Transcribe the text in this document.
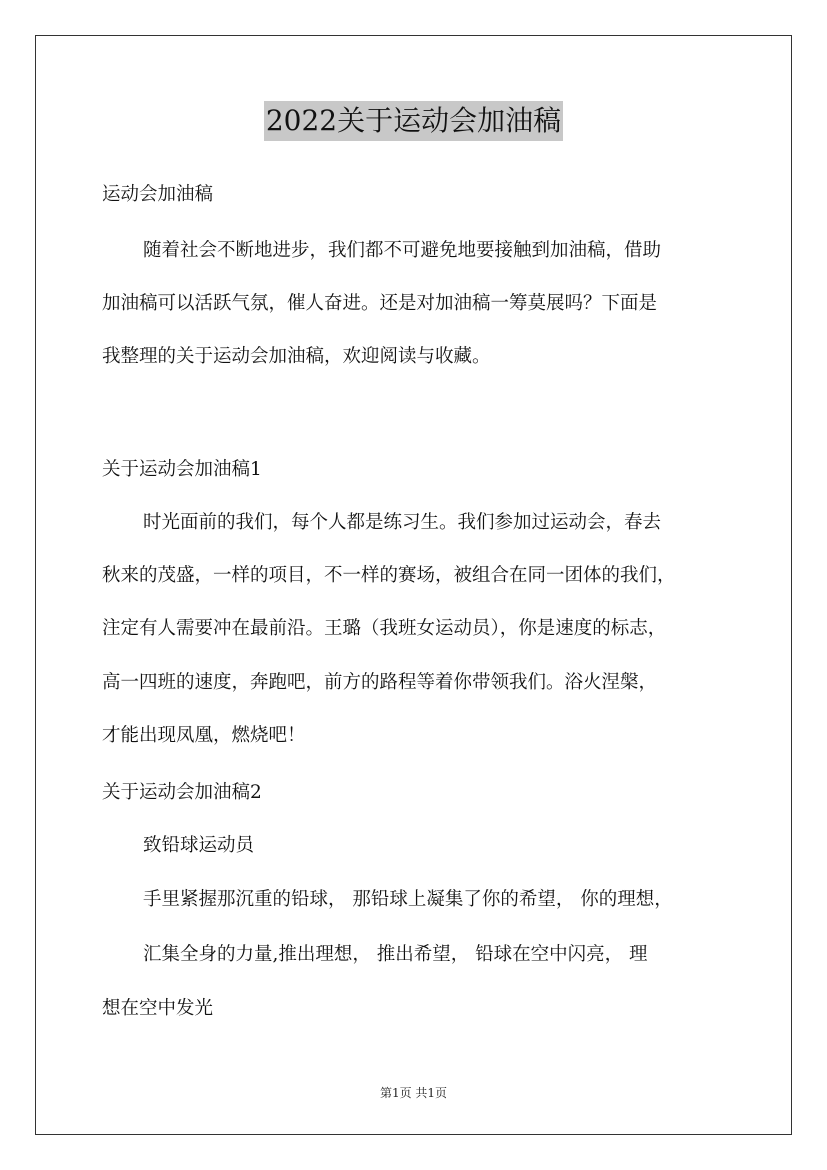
2022关于运动会加油稿
运动会加油稿
随着社会不断地进步，我们都不可避免地要接触到加油稿，借助
加油稿可以活跃气氛，催人奋进。还是对加油稿一筹莫展吗？下面是
我整理的关于运动会加油稿，欢迎阅读与收藏。
关于运动会加油稿1
时光面前的我们，每个人都是练习生。我们参加过运动会，春去
秋来的茂盛，一样的项目，不一样的赛场，被组合在同一团体的我们，
注定有人需要冲在最前沿。王璐（我班女运动员），你是速度的标志，
高一四班的速度，奔跑吧，前方的路程等着你带领我们。浴火涅槃，
才能出现凤凰，燃烧吧！
关于运动会加油稿2
致铅球运动员
手里紧握那沉重的铅球， 那铅球上凝集了你的希望， 你的理想，
汇集全身的力量,推出理想， 推出希望， 铅球在空中闪亮， 理
想在空中发光
第1页 共1页
